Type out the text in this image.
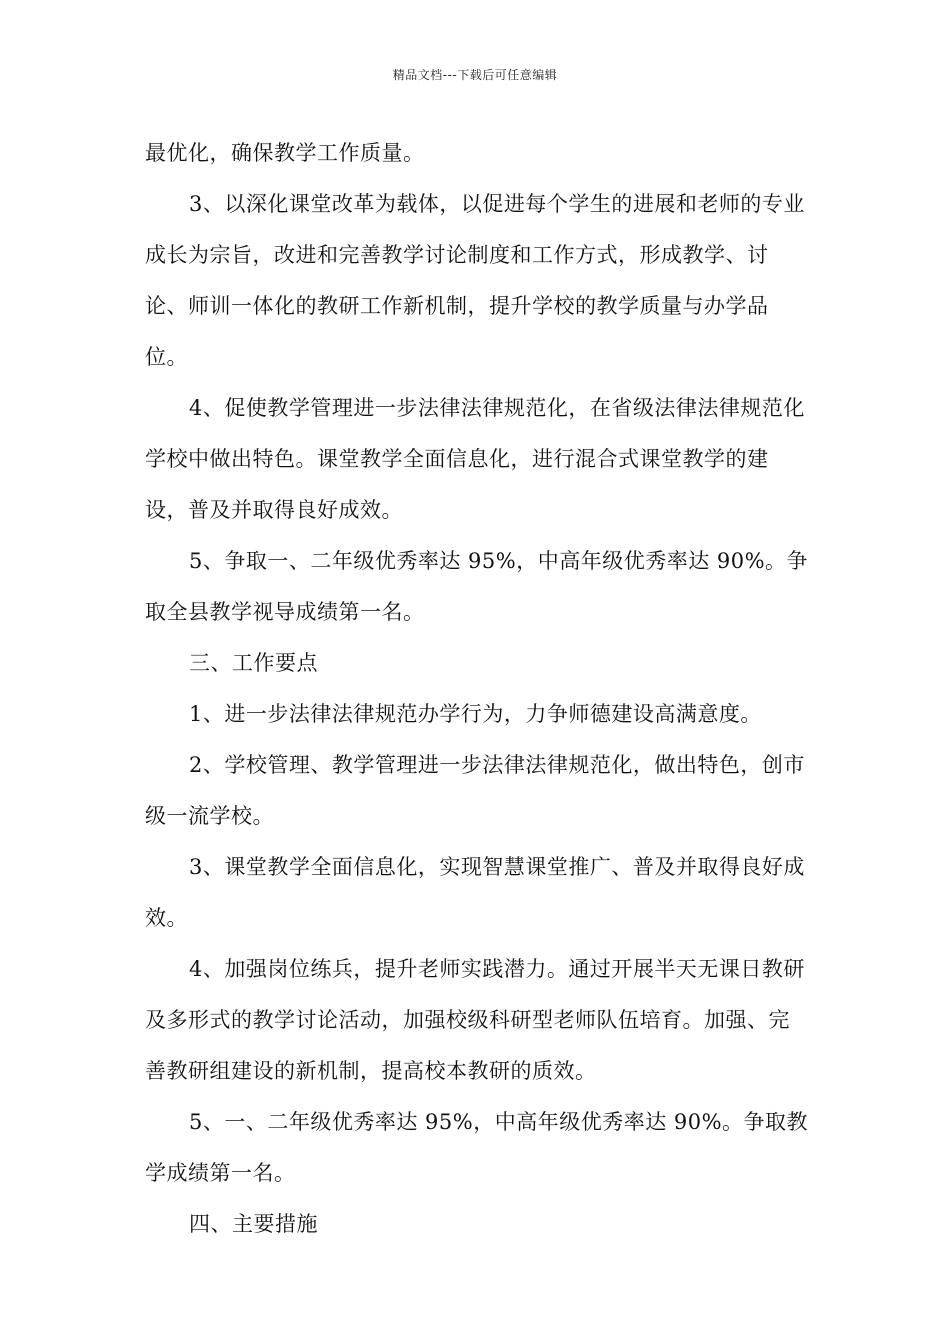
精品文档---下载后可任意编辑

最优化，确保教学工作质量。

3、以深化课堂改革为载体，以促进每个学生的进展和老师的专业成长为宗旨，改进和完善教学讨论制度和工作方式，形成教学、讨论、师训一体化的教研工作新机制，提升学校的教学质量与办学品位。

4、促使教学管理进一步法律法律规范化，在省级法律法律规范化学校中做出特色。课堂教学全面信息化，进行混合式课堂教学的建设，普及并取得良好成效。

5、争取一、二年级优秀率达 95%，中高年级优秀率达 90%。争取全县教学视导成绩第一名。

三、工作要点

1、进一步法律法律规范办学行为，力争师德建设高满意度。

2、学校管理、教学管理进一步法律法律规范化，做出特色，创市级一流学校。

3、课堂教学全面信息化，实现智慧课堂推广、普及并取得良好成效。

4、加强岗位练兵，提升老师实践潜力。通过开展半天无课日教研及多形式的教学讨论活动，加强校级科研型老师队伍培育。加强、完善教研组建设的新机制，提高校本教研的质效。

5、一、二年级优秀率达 95%，中高年级优秀率达 90%。争取教学成绩第一名。

四、主要措施
